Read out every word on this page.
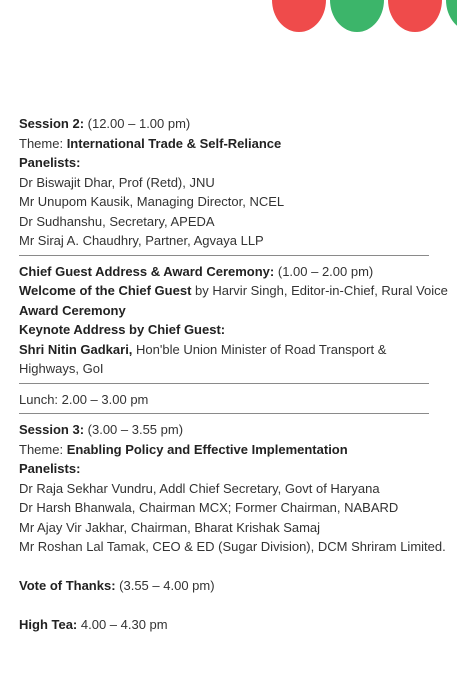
Session 2: (12.00 – 1.00 pm)
Theme: International Trade & Self-Reliance
Panelists:
Dr Biswajit Dhar, Prof (Retd), JNU
Mr Unupom Kausik, Managing Director, NCEL
Dr Sudhanshu, Secretary, APEDA
Mr Siraj A. Chaudhry, Partner, Agvaya LLP
Chief Guest Address & Award Ceremony: (1.00 – 2.00 pm)
Welcome of the Chief Guest by Harvir Singh, Editor-in-Chief, Rural Voice
Award Ceremony
Keynote Address by Chief Guest:
Shri Nitin Gadkari, Hon'ble Union Minister of Road Transport & Highways, GoI
Lunch: 2.00 – 3.00 pm
Session 3: (3.00 – 3.55 pm)
Theme: Enabling Policy and Effective Implementation
Panelists:
Dr Raja Sekhar Vundru, Addl Chief Secretary, Govt of Haryana
Dr Harsh Bhanwala, Chairman MCX; Former Chairman, NABARD
Mr Ajay Vir Jakhar, Chairman, Bharat Krishak Samaj
Mr Roshan Lal Tamak, CEO & ED (Sugar Division), DCM Shriram Limited.
Vote of Thanks: (3.55 – 4.00 pm)
High Tea: 4.00 – 4.30 pm
